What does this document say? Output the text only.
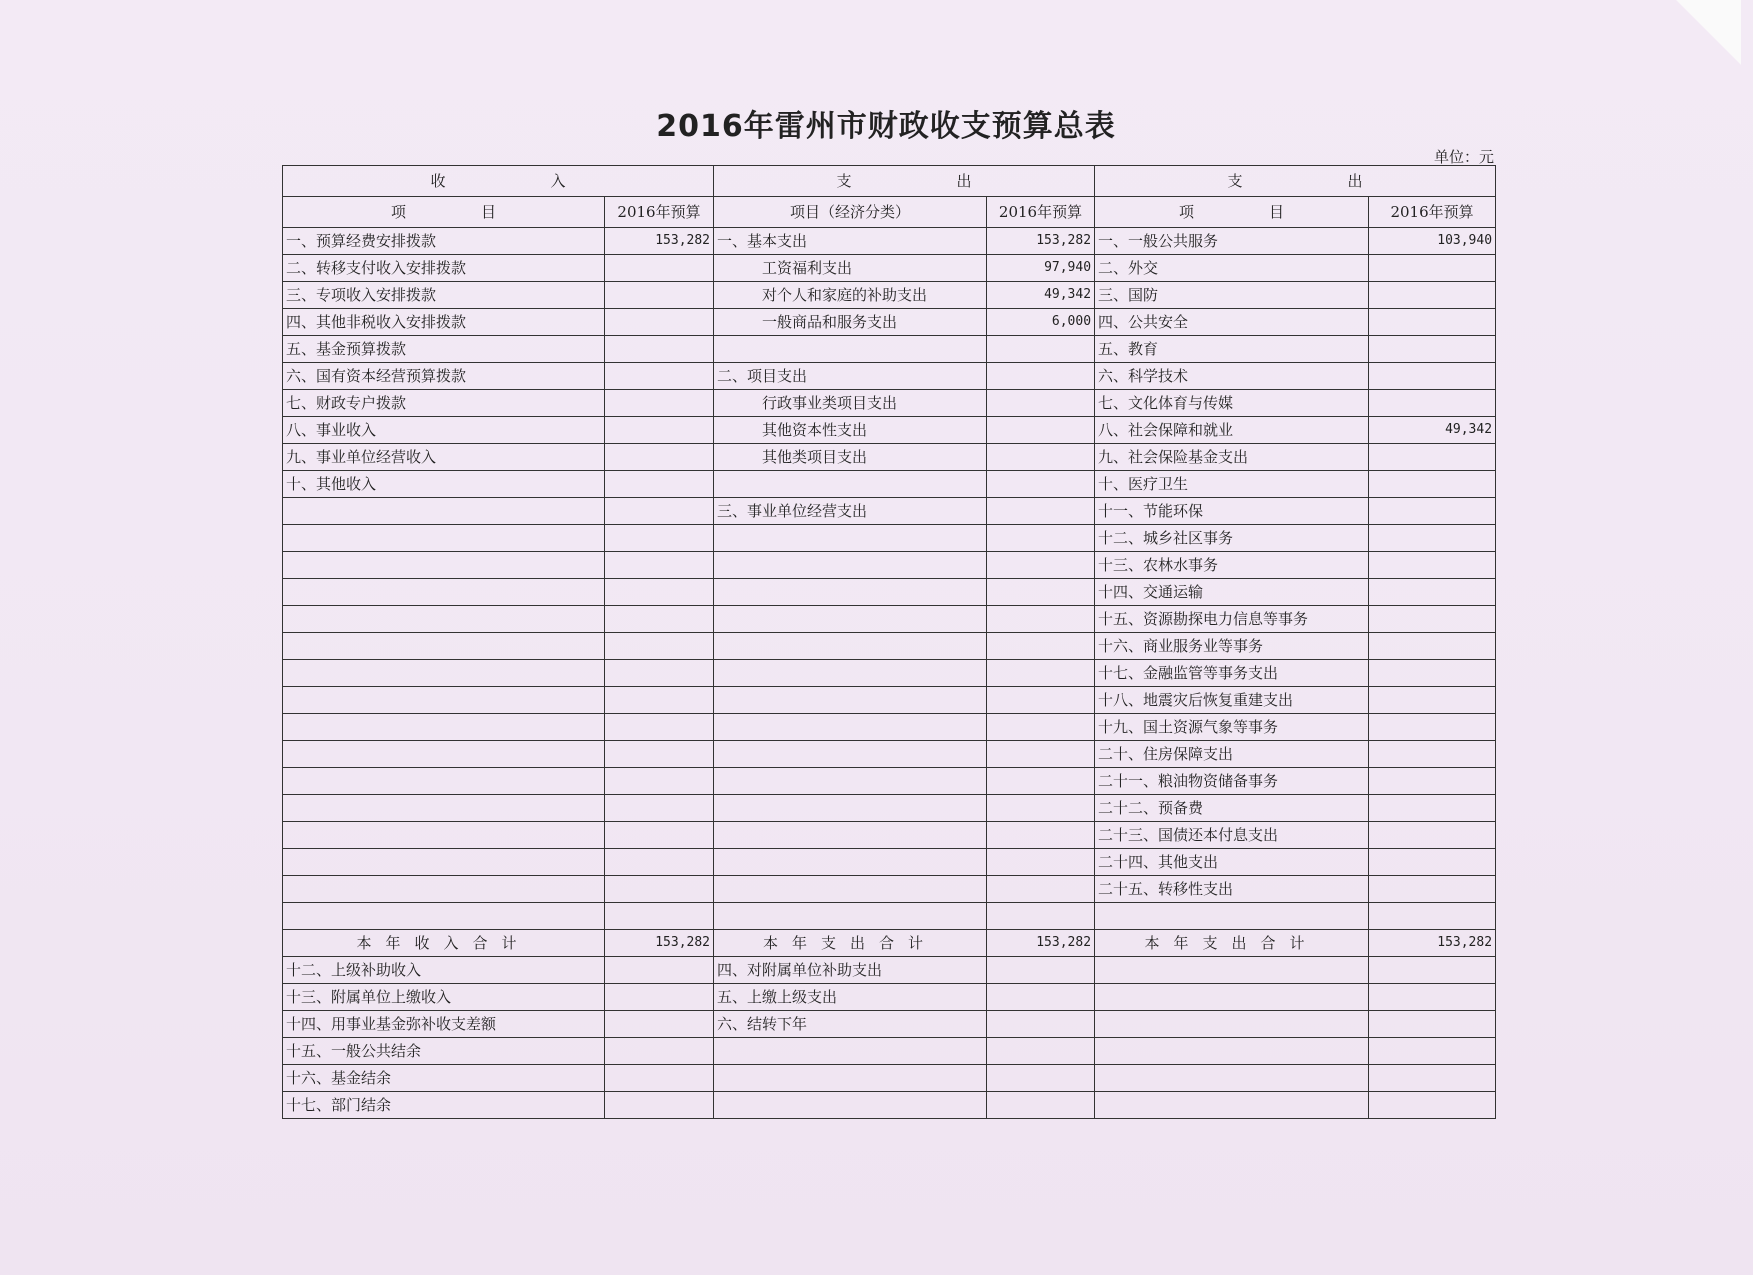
2016年雷州市财政收支预算总表
单位：元
收　　　　　　　入		支　　　　　　　出		支　　　　　　　出	
项　　　　　目	2016年预算	项目（经济分类）	2016年预算	项　　　　　目	2016年预算
一、预算经费安排拨款	153,282	一、基本支出	153,282	一、一般公共服务	103,940
二、转移支付收入安排拨款		工资福利支出	97,940	二、外交	
三、专项收入安排拨款		对个人和家庭的补助支出	49,342	三、国防	
四、其他非税收入安排拨款		一般商品和服务支出	6,000	四、公共安全	
五、基金预算拨款				五、教育	
六、国有资本经营预算拨款		二、项目支出		六、科学技术	
七、财政专户拨款		行政事业类项目支出		七、文化体育与传媒	
八、事业收入		其他资本性支出		八、社会保障和就业	49,342
九、事业单位经营收入		其他类项目支出		九、社会保险基金支出	
十、其他收入				十、医疗卫生	
		三、事业单位经营支出		十一、节能环保	
				十二、城乡社区事务	
				十三、农林水事务	
				十四、交通运输	
				十五、资源勘探电力信息等事务	
				十六、商业服务业等事务	
				十七、金融监管等事务支出	
				十八、地震灾后恢复重建支出	
				十九、国土资源气象等事务	
				二十、住房保障支出	
				二十一、粮油物资储备事务	
				二十二、预备费	
				二十三、国债还本付息支出	
				二十四、其他支出	
				二十五、转移性支出	

本年收入合计	153,282	本年支出合计	153,282	本年支出合计	153,282
十二、上级补助收入		四、对附属单位补助支出			
十三、附属单位上缴收入		五、上缴上级支出			
十四、用事业基金弥补收支差额		六、结转下年			
十五、一般公共结余					
十六、基金结余					
十七、部门结余					
